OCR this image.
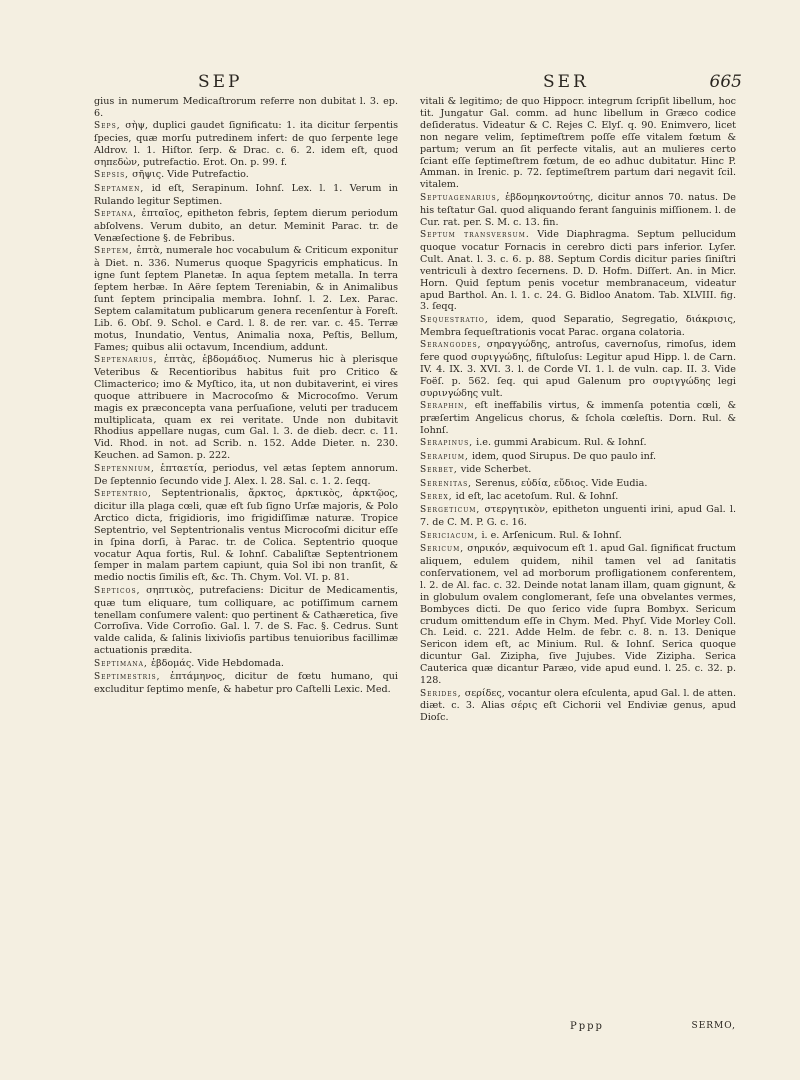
SEP	SER	665

gius in numerum Medicaſtrorum referre non dubitat l. 3. ep. 6.

Seps, σὴψ, duplici gaudet ſignificatu: 1. ita dicitur ſerpentis ſpecies, quæ morſu putredinem infert: de quo ſerpente lege Aldrov. l. 1. Hiſtor. ſerp. & Drac. c. 6. 2. idem eſt, quod σηπεδὼν, putrefactio. Erot. On. p. 99. f.

Sepsis, σῆψις. Vide Putrefactio.

Septamen, id eſt, Serapinum. Iohnſ. Lex. l. 1. Verum in Rulando legitur Septimen.

Septana, ἑπταῖος, epitheton febris, ſeptem dierum periodum abſolvens. Verum dubito, an detur. Meminit Parac. tr. de Venæſectione §. de Febribus.

Septem, ἑπτὰ, numerale hoc vocabulum & Criticum exponitur à Diet. n. 336. Numerus quoque Spagyricis emphaticus. In igne ſunt ſeptem Planetæ. In aqua ſeptem metalla. In terra ſeptem herbæ. In Aëre ſeptem Tereniabin, & in Animalibus ſunt ſeptem principalia membra. Iohnſ. l. 2. Lex. Parac. Septem calamitatum publicarum genera recenſentur à Foreſt. Lib. 6. Obſ. 9. Schol. e Card. l. 8. de rer. var. c. 45. Terræ motus, Inundatio, Ventus, Animalia noxa, Peſtis, Bellum, Fames; quibus alii octavum, Incendium, addunt.

Septenarius, ἑπτὰς, ἑβδομάδιος. Numerus hic à plerisque Veteribus & Recentioribus habitus fuit pro Critico & Climacterico; imo & Myſtico, ita, ut non dubitaverint, ei vires quoque attribuere in Macrocoſmo & Microcoſmo. Verum magis ex præconcepta vana perſuaſione, veluti per traducem multiplicata, quam ex rei veritate. Unde non dubitavit Rhodius appellare nugas, cum Gal. l. 3. de dieb. decr. c. 11. Vid. Rhod. in not. ad Scrib. n. 152. Adde Dieter. n. 230. Keuchen. ad Samon. p. 222.

Septennium, ἑπταετία, periodus, vel ætas ſeptem annorum. De ſeptennio ſecundo vide J. Alex. l. 28. Sal. c. 1. 2. ſeqq.

Septentrio, Septentrionalis, ἄρκτος, ἀρκτικὸς, ἀρκτῷος, dicitur illa plaga cœli, quæ eſt ſub ſigno Urſæ majoris, & Polo Arctico dicta, frigidioris, imo frigidiſſimæ naturæ. Tropice Septentrio, vel Septentrionalis ventus Microcoſmi dicitur eſſe in ſpina dorſi, à Parac. tr. de Colica. Septentrio quoque vocatur Aqua fortis, Rul. & Iohnſ. Cabaliſtæ Septentrionem ſemper in malam partem capiunt, quia Sol ibi non tranſit, & medio noctis ſimilis eſt, &c. Th. Chym. Vol. VI. p. 81.

Septicos, σηπτικὸς, putrefaciens: Dicitur de Medicamentis, quæ tum eliquare, tum colliquare, ac potiſſimum carnem tenellam conſumere valent: quo pertinent & Cathæretica, ſive Corroſiva. Vide Corroſio. Gal. l. 7. de S. Fac. §. Cedrus. Sunt valde calida, & ſalinis lixivioſis partibus tenuioribus facillimæ actuationis prædita.

Septimana, ἑβδομάς. Vide Hebdomada.

Septimestris, ἑπτάμηνος, dicitur de fœtu humano, qui excluditur ſeptimo menſe, & habetur pro Caſtelli Lexic. Med.

vitali & legitimo; de quo Hippocr. integrum ſcripſit libellum, hoc tit. Jungatur Gal. comm. ad hunc libellum in Græco codice deſideratus. Videatur & C. Rejes C. Elyſ. q. 90. Enimvero, licet non negare velim, ſeptimeſtrem poſſe eſſe vitalem fœtum & partum; verum an ſit perfecte vitalis, aut an mulieres certo ſciant eſſe ſeptimeſtrem fœtum, de eo adhuc dubitatur. Hinc P. Amman. in Irenic. p. 72. ſeptimeſtrem partum dari negavit ſcil. vitalem.

Septuagenarius, ἑβδομηκοντούτης, dicitur annos 70. natus. De his teſtatur Gal. quod aliquando ferant ſanguinis miſſionem. l. de Cur. rat. per. S. M. c. 13. fin.

Septum transversum. Vide Diaphragma. Septum pellucidum quoque vocatur Fornacis in cerebro dicti pars inferior. Lyſer. Cult. Anat. l. 3. c. 6. p. 88. Septum Cordis dicitur paries ſiniſtri ventriculi à dextro ſecernens. D. D. Hofm. Diſſert. An. in Micr. Horn. Quid ſeptum penis vocetur membranaceum, videatur apud Barthol. An. l. 1. c. 24. G. Bidloo Anatom. Tab. XLVIII. fig. 3. ſeqq.

Sequestratio, idem, quod Separatio, Segregatio, διάκρισις, Membra ſequeſtrationis vocat Parac. organa colatoria.

Serangodes, σηραγγώδης, antroſus, cavernoſus, rimoſus, idem fere quod συριγγώδης, fiſtuloſus: Legitur apud Hipp. l. de Carn. IV. 4. IX. 3. XVI. 3. l. de Corde VI. 1. l. de vuln. cap. II. 3. Vide Foëſ. p. 562. ſeq. qui apud Galenum pro συριγγώδης legi συρινγώδης vult.

Seraphin, eſt ineffabilis virtus, & immenſa potentia cœli, & præſertim Angelicus chorus, & ſchola cœleſtis. Dorn. Rul. & Iohnſ.

Serapinus, i.e. gummi Arabicum. Rul. & Iohnſ.

Serapium, idem, quod Sirupus. De quo paulo inf.

Serbet, vide Scherbet.

Serenitas, Serenus, εὐδία, εὔδιος. Vide Eudia.

Serex, id eſt, lac acetoſum. Rul. & Iohnſ.

Sergeticum, στεργητικὸν, epitheton unguenti irini, apud Gal. l. 7. de C. M. P. G. c. 16.

Sericiacum, i. e. Arſenicum. Rul. & Iohnſ.

Sericum, σηρικόν, æquivocum eſt 1. apud Gal. ſignificat fructum aliquem, edulem quidem, nihil tamen vel ad ſanitatis conſervationem, vel ad morborum profligationem conferentem, l. 2. de Al. fac. c. 32. Deinde notat lanam illam, quam gignunt, & in globulum ovalem conglomerant, ſeſe una obvelantes vermes, Bombyces dicti. De quo ſerico vide ſupra Bombyx. Sericum crudum omittendum eſſe in Chym. Med. Phyſ. Vide Morley Coll. Ch. Leid. c. 221. Adde Helm. de febr. c. 8. n. 13. Denique Sericon idem eſt, ac Minium. Rul. & Iohnſ. Serica quoque dicuntur Gal. Ziziphа, ſive Jujubes. Vide Zizipha. Serica Cauterica quæ dicantur Paræo, vide apud eund. l. 25. c. 32. p. 128.

Serides, σερίδες, vocantur olera eſculenta, apud Gal. l. de atten. diæt. c. 3. Alias σέρις eſt Cichorii vel Endiviæ genus, apud Dioſc.

Pppp	SERMO,
